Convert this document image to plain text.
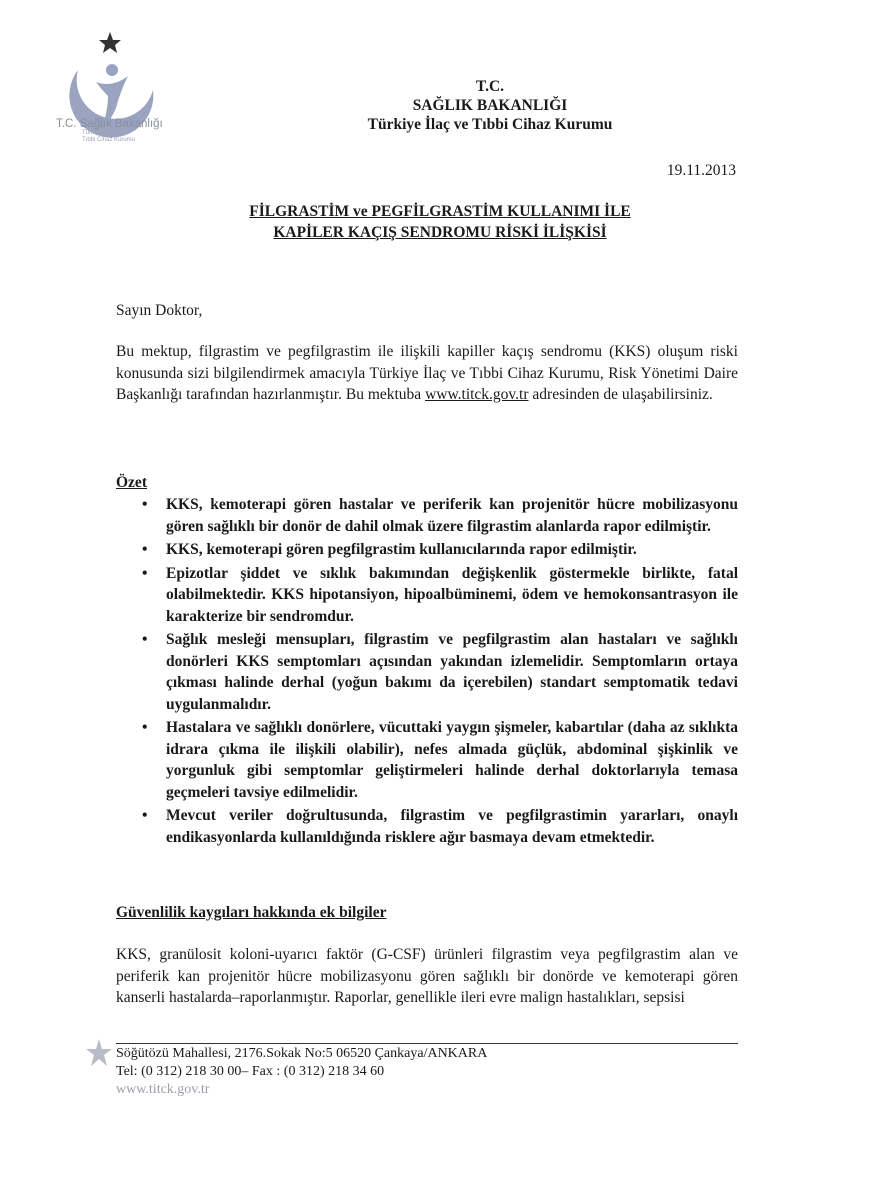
T.C. Sağlık Bakanlığı
Türkiye İlaç ve
Tıbbi Cihaz Kurumu
T.C.
SAĞLIK BAKANLIĞI
Türkiye İlaç ve Tıbbi Cihaz Kurumu
19.11.2013
FİLGRASTİM ve PEGFİLGRASTİM KULLANIMI İLE
KAPİLER KAÇIŞ SENDROMU RİSKİ İLİŞKİSİ
Sayın Doktor,
Bu mektup, filgrastim ve pegfilgrastim ile ilişkili kapiller kaçış sendromu (KKS) oluşum riski konusunda sizi bilgilendirmek amacıyla Türkiye İlaç ve Tıbbi Cihaz Kurumu, Risk Yönetimi Daire Başkanlığı tarafından hazırlanmıştır. Bu mektuba www.titck.gov.tr adresinden de ulaşabilirsiniz.
Özet
• KKS, kemoterapi gören hastalar ve periferik kan projenitör hücre mobilizasyonu gören sağlıklı bir donör de dahil olmak üzere filgrastim alanlarda rapor edilmiştir.
• KKS, kemoterapi gören pegfilgrastim kullanıcılarında rapor edilmiştir.
• Epizotlar şiddet ve sıklık bakımından değişkenlik göstermekle birlikte, fatal olabilmektedir. KKS hipotansiyon, hipoalbüminemi, ödem ve hemokonsantrasyon ile karakterize bir sendromdur.
• Sağlık mesleği mensupları, filgrastim ve pegfilgrastim alan hastaları ve sağlıklı donörleri KKS semptomları açısından yakından izlemelidir. Semptomların ortaya çıkması halinde derhal (yoğun bakımı da içerebilen) standart semptomatik tedavi uygulanmalıdır.
• Hastalara ve sağlıklı donörlere, vücuttaki yaygın şişmeler, kabartılar (daha az sıklıkta idrara çıkma ile ilişkili olabilir), nefes almada güçlük, abdominal şişkinlik ve yorgunluk gibi semptomlar geliştirmeleri halinde derhal doktorlarıyla temasa geçmeleri tavsiye edilmelidir.
• Mevcut veriler doğrultusunda, filgrastim ve pegfilgrastimin yararları, onaylı endikasyonlarda kullanıldığında risklere ağır basmaya devam etmektedir.
Güvenlilik kaygıları hakkında ek bilgiler
KKS, granülosit koloni-uyarıcı faktör (G-CSF) ürünleri filgrastim veya pegfilgrastim alan ve periferik kan projenitör hücre mobilizasyonu gören sağlıklı bir donörde ve kemoterapi gören kanserli hastalarda–raporlanmıştır. Raporlar, genellikle ileri evre malign hastalıkları, sepsisi
Söğütözü Mahallesi, 2176.Sokak No:5 06520 Çankaya/ANKARA
Tel: (0 312) 218 30 00– Fax : (0 312) 218 34 60
www.titck.gov.tr
